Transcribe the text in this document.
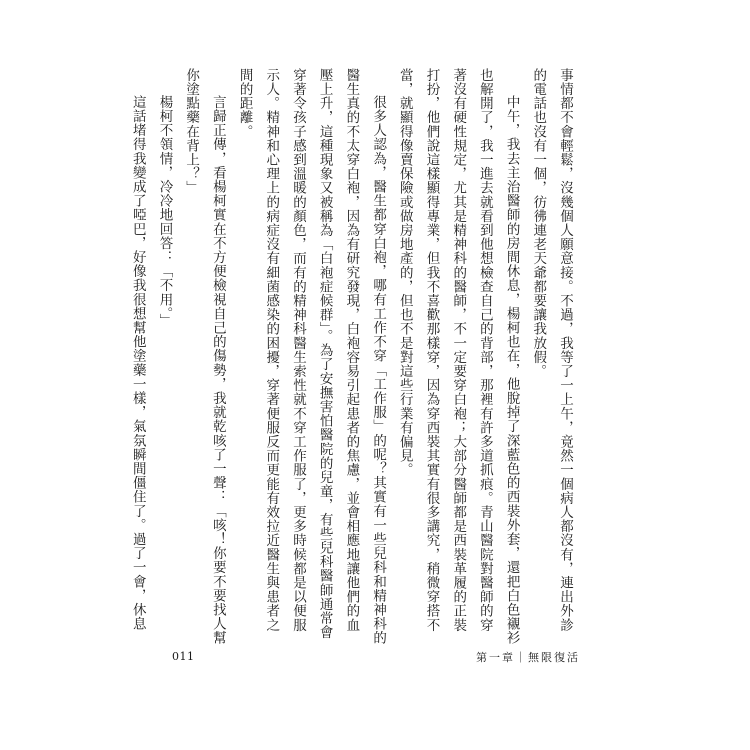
事情都不會輕鬆，沒幾個人願意接。不過，我等了一上午，竟然一個病人都沒有，連出外診的電話也沒有一個，彷彿連老天爺都要讓我放假。

中午，我去主治醫師的房間休息，楊柯也在，他脫掉了深藍色的西裝外套，還把白色襯衫也解開了，我一進去就看到他想檢查自己的背部，那裡有許多道抓痕。青山醫院對醫師的穿著沒有硬性規定，尤其是精神科的醫師，不一定要穿白袍；大部分醫師都是西裝革履的正裝打扮，他們說這樣顯得專業，但我不喜歡那樣穿，因為穿西裝其實有很多講究，稍微穿搭不當，就顯得像賣保險或做房地產的，但也不是對這些行業有偏見。

很多人認為，醫生都穿白袍，哪有工作不穿「工作服」的呢？其實有一些兒科和精神科的醫生真的不太穿白袍，因為有研究發現，白袍容易引起患者的焦慮，並會相應地讓他們的血壓上升，這種現象又被稱為「白袍症候群」。為了安撫害怕醫院的兒童，有些兒科醫師通常會穿著令孩子感到溫暖的顏色，而有的精神科醫生索性就不穿工作服了，更多時候都是以便服示人。精神和心理上的病症沒有細菌感染的困擾，穿著便服反而更能有效拉近醫生與患者之間的距離。

言歸正傳，看楊柯實在不方便檢視自己的傷勢，我就乾咳了一聲：「咳！你要不要找人幫你塗點藥在背上？」

楊柯不領情，冷冷地回答：「不用。」

這話堵得我變成了啞巴，好像我很想幫他塗藥一樣，氣氛瞬間僵住了。過了一會，休息

011	第一章｜無限復活
